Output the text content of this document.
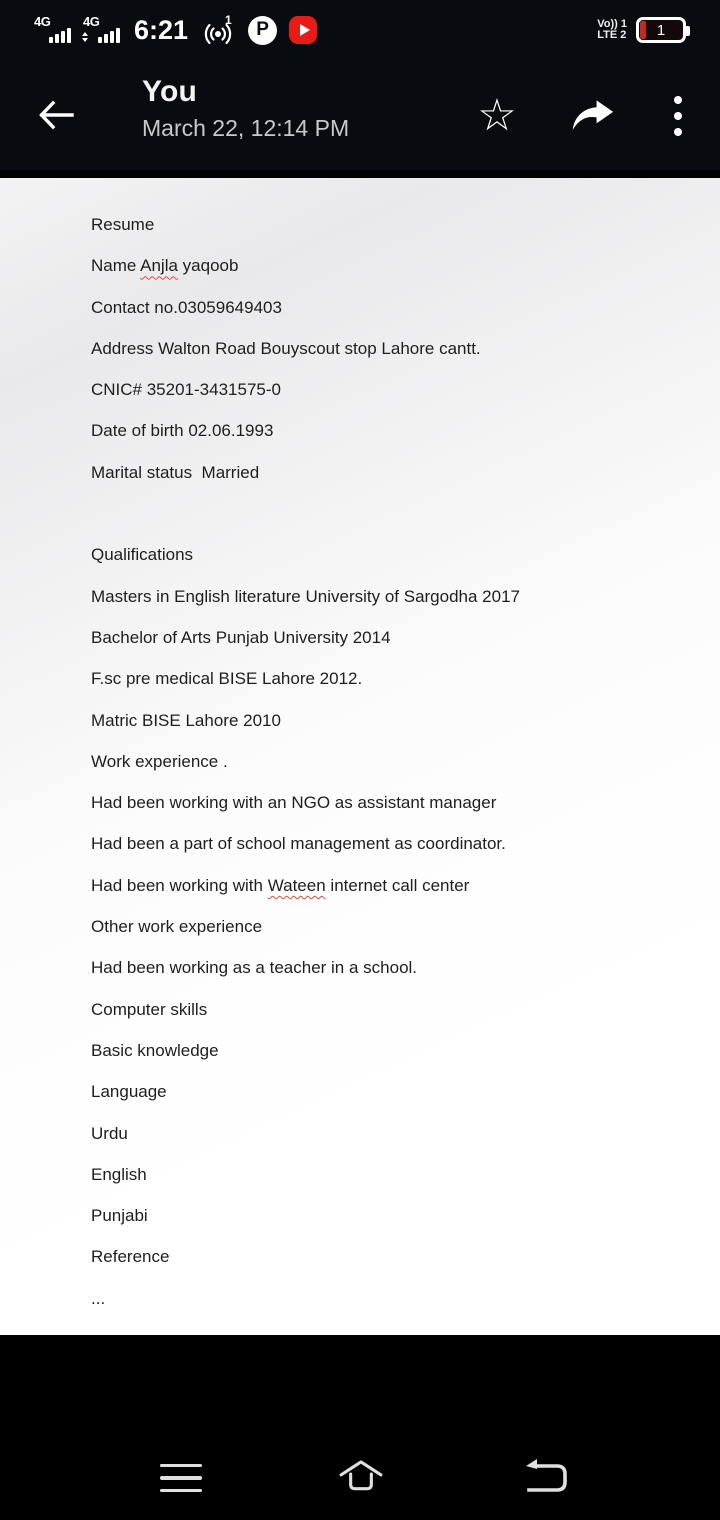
4G	4G 6:21	1 P	Vo)) 1
LTE 2	1
You
March 22, 12:14 PM	☆
Resume
Name Anjla yaqoob
Contact no.03059649403
Address Walton Road Bouyscout stop Lahore cantt.
CNIC# 35201-3431575-0
Date of birth 02.06.1993
Marital status  Married

Qualifications
Masters in English literature University of Sargodha 2017
Bachelor of Arts Punjab University 2014
F.sc pre medical BISE Lahore 2012.
Matric BISE Lahore 2010
Work experience .
Had been working with an NGO as assistant manager
Had been a part of school management as coordinator.
Had been working with Wateen internet call center
Other work experience
Had been working as a teacher in a school.
Computer skills
Basic knowledge
Language
Urdu
English
Punjabi
Reference
...
